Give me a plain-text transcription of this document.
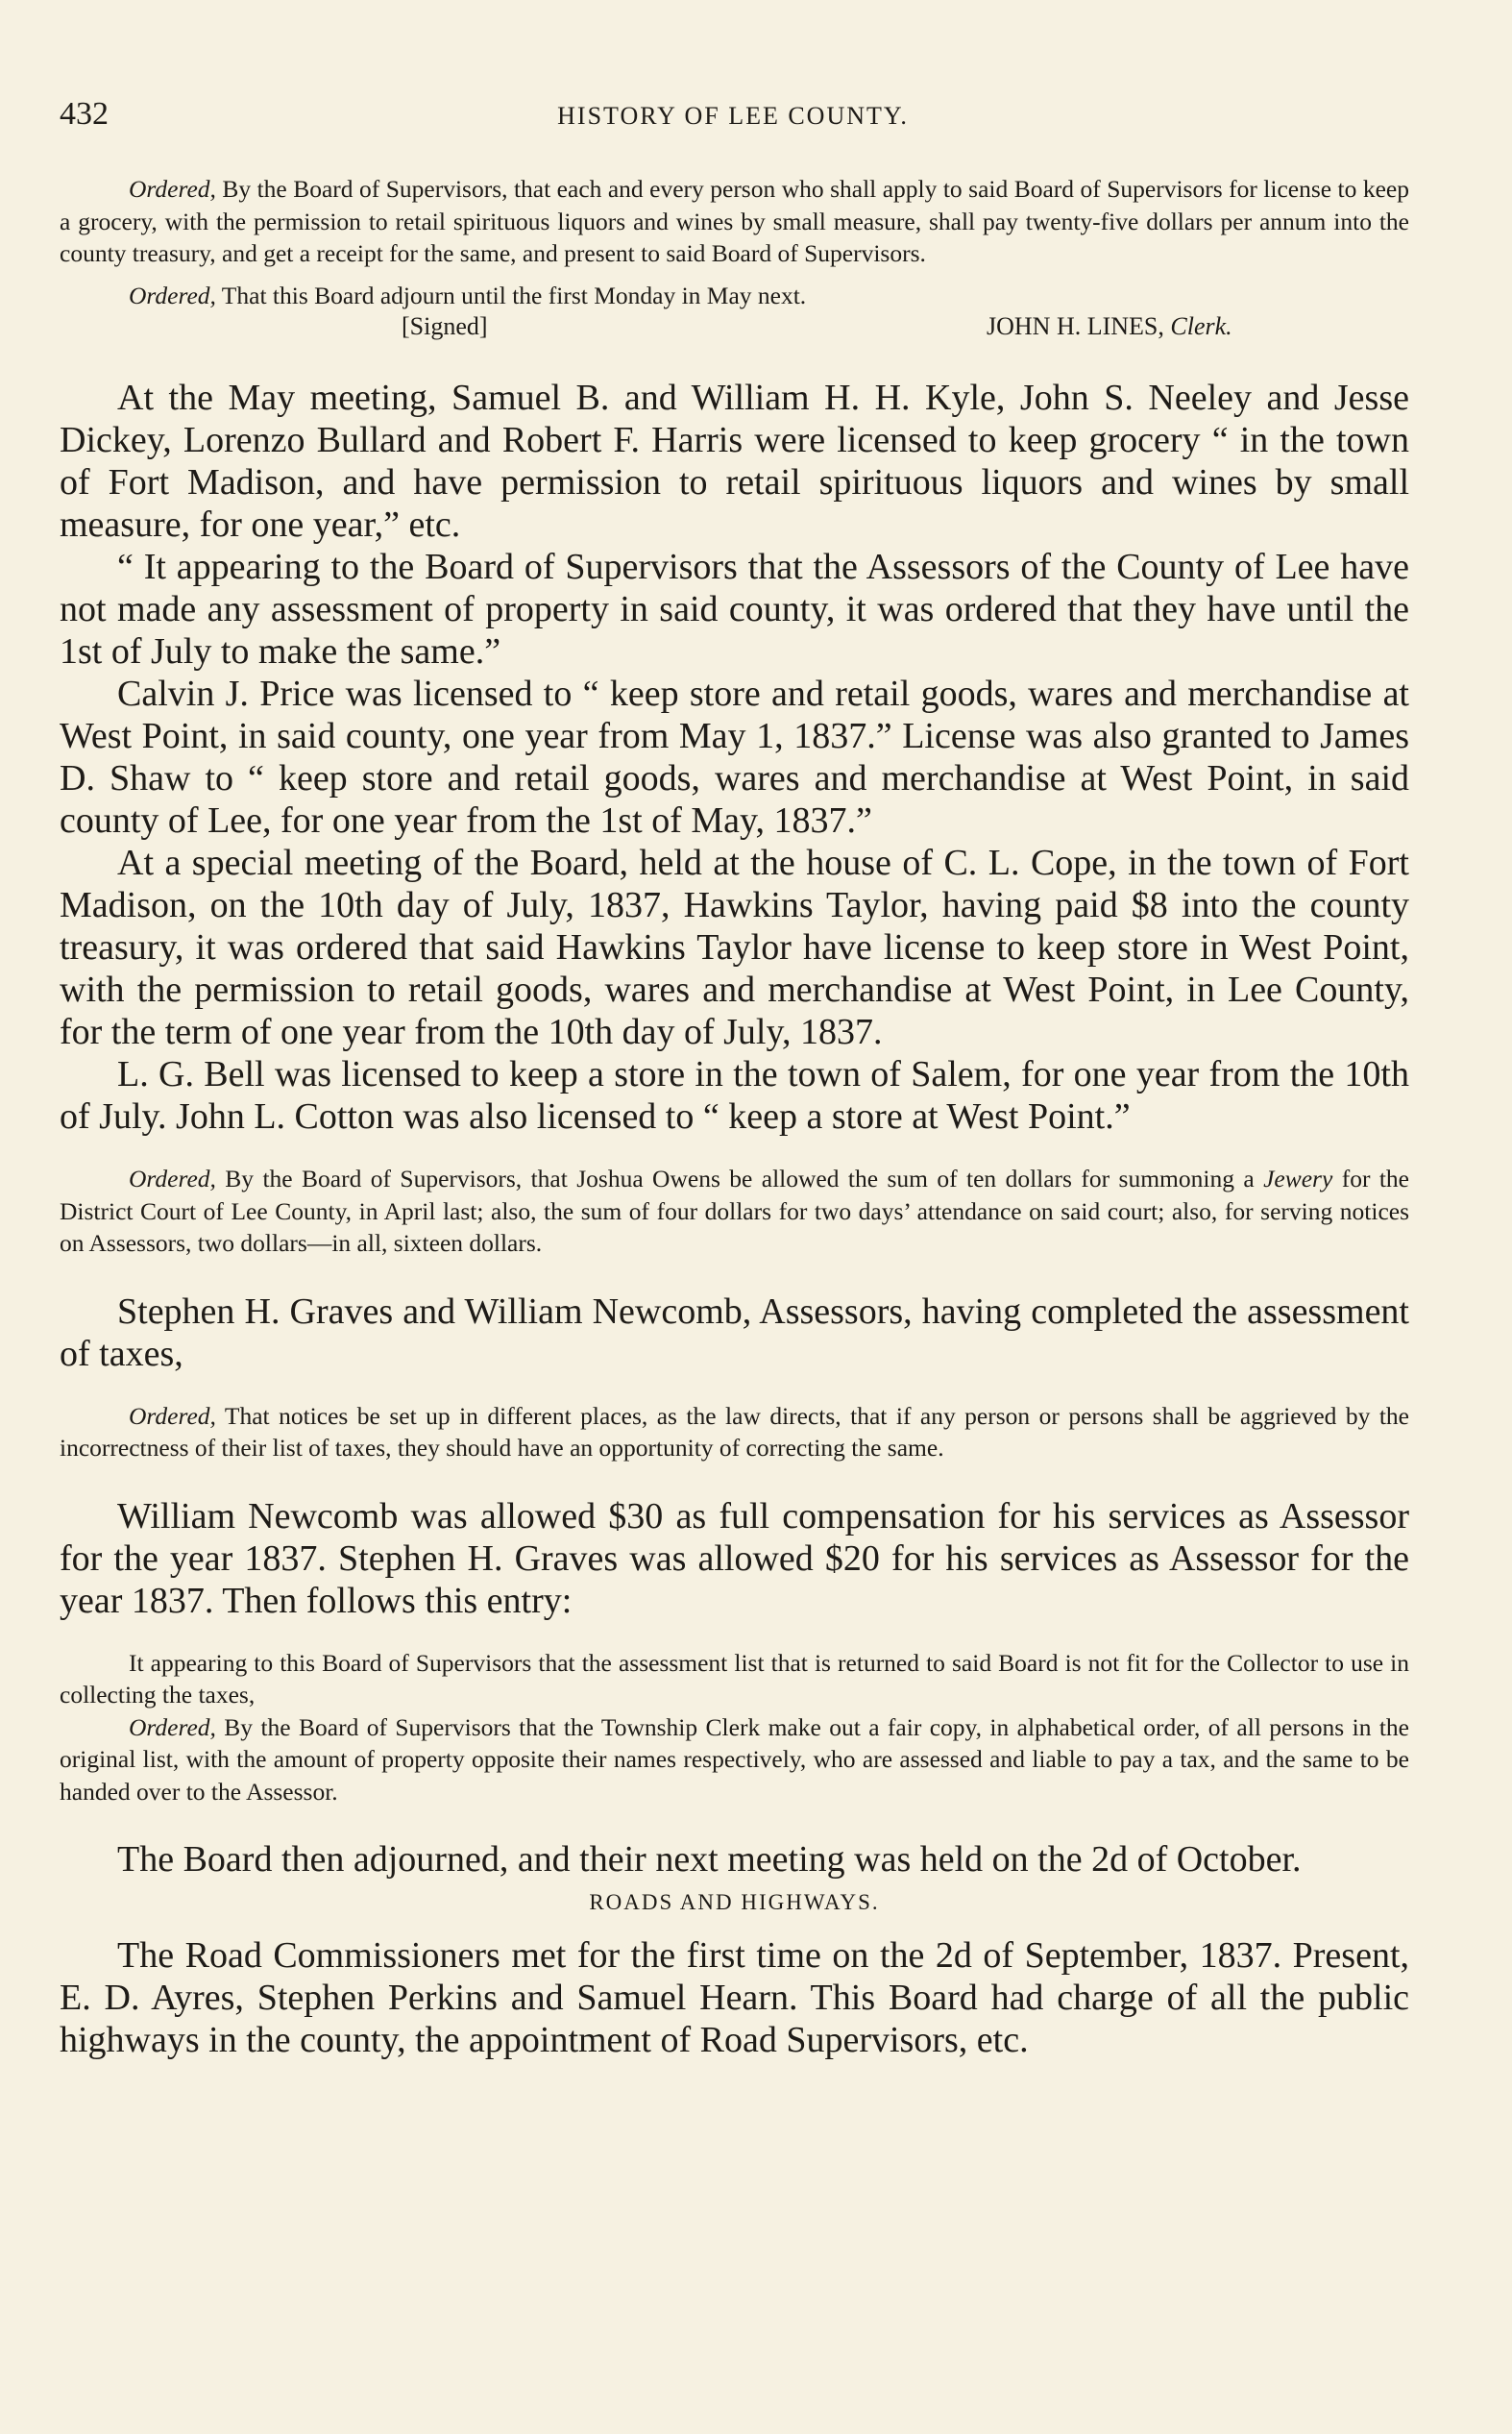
432	HISTORY OF LEE COUNTY.

Ordered, By the Board of Supervisors, that each and every person who shall apply to said Board of Supervisors for license to keep a grocery, with the permission to retail spirituous liquors and wines by small measure, shall pay twenty-five dollars per annum into the county treasury, and get a receipt for the same, and present to said Board of Supervisors.

Ordered, That this Board adjourn until the first Monday in May next.

[Signed]	JOHN H. LINES, Clerk.

At the May meeting, Samuel B. and William H. H. Kyle, John S. Neeley and Jesse Dickey, Lorenzo Bullard and Robert F. Harris were licensed to keep grocery “ in the town of Fort Madison, and have permission to retail spirituous liquors and wines by small measure, for one year,” etc.

“ It appearing to the Board of Supervisors that the Assessors of the County of Lee have not made any assessment of property in said county, it was ordered that they have until the 1st of July to make the same.”

Calvin J. Price was licensed to “ keep store and retail goods, wares and merchandise at West Point, in said county, one year from May 1, 1837.” License was also granted to James D. Shaw to “ keep store and retail goods, wares and merchandise at West Point, in said county of Lee, for one year from the 1st of May, 1837.”

At a special meeting of the Board, held at the house of C. L. Cope, in the town of Fort Madison, on the 10th day of July, 1837, Hawkins Taylor, having paid $8 into the county treasury, it was ordered that said Hawkins Taylor have license to keep store in West Point, with the permission to retail goods, wares and merchandise at West Point, in Lee County, for the term of one year from the 10th day of July, 1837.

L. G. Bell was licensed to keep a store in the town of Salem, for one year from the 10th of July. John L. Cotton was also licensed to “ keep a store at West Point.”

Ordered, By the Board of Supervisors, that Joshua Owens be allowed the sum of ten dollars for summoning a Jewery for the District Court of Lee County, in April last; also, the sum of four dollars for two days’ attendance on said court; also, for serving notices on Assessors, two dollars—in all, sixteen dollars.

Stephen H. Graves and William Newcomb, Assessors, having completed the assessment of taxes,

Ordered, That notices be set up in different places, as the law directs, that if any person or persons shall be aggrieved by the incorrectness of their list of taxes, they should have an opportunity of correcting the same.

William Newcomb was allowed $30 as full compensation for his services as Assessor for the year 1837. Stephen H. Graves was allowed $20 for his services as Assessor for the year 1837. Then follows this entry:

It appearing to this Board of Supervisors that the assessment list that is returned to said Board is not fit for the Collector to use in collecting the taxes,

Ordered, By the Board of Supervisors that the Township Clerk make out a fair copy, in alphabetical order, of all persons in the original list, with the amount of property opposite their names respectively, who are assessed and liable to pay a tax, and the same to be handed over to the Assessor.

The Board then adjourned, and their next meeting was held on the 2d of October.

ROADS AND HIGHWAYS.

The Road Commissioners met for the first time on the 2d of September, 1837. Present, E. D. Ayres, Stephen Perkins and Samuel Hearn. This Board had charge of all the public highways in the county, the appointment of Road Supervisors, etc.
